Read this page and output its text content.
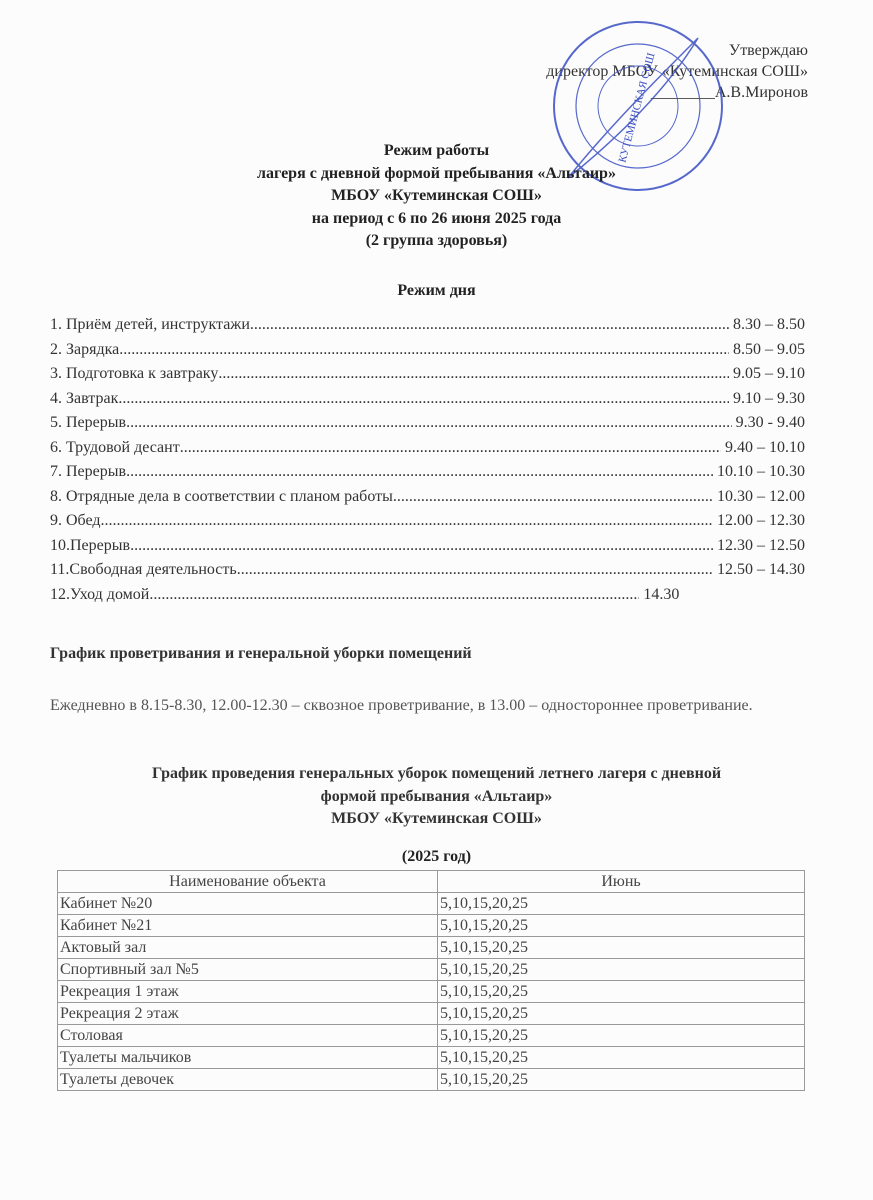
Утверждаю
директор МБОУ «Кутеминская СОШ»
________А.В.Миронов
КУТЕМИНСКАЯ СОШ
Режим работы
лагеря с дневной формой пребывания «Альтаир»
МБОУ «Кутеминская СОШ»
на период с 6 по 26 июня 2025 года
(2 группа здоровья)
Режим дня
1. Приём детей, инструктажи .....	8.30 – 8.50
2. Зарядка .....	8.50 – 9.05
3. Подготовка к завтраку .....	9.05 – 9.10
4. Завтрак .....	9.10 – 9.30
5. Перерыв .....	9.30 - 9.40
6. Трудовой десант .....	9.40 – 10.10
7. Перерыв .....	10.10 – 10.30
8. Отрядные дела в соответствии с планом работы .....	10.30 – 12.00
9. Обед .....	12.00 – 12.30
10.Перерыв .....	12.30 – 12.50
11.Свободная деятельность .....	12.50 – 14.30
12.Уход домой .....	14.30
График проветривания и генеральной уборки помещений
Ежедневно в 8.15-8.30, 12.00-12.30 – сквозное проветривание, в 13.00 – одностороннее проветривание.
График проведения генеральных уборок помещений летнего лагеря с дневной
формой пребывания «Альтаир»
МБОУ «Кутеминская СОШ»
(2025 год)
Наименование объекта	Июнь
Кабинет №20	5,10,15,20,25
Кабинет №21	5,10,15,20,25
Актовый зал	5,10,15,20,25
Спортивный зал №5	5,10,15,20,25
Рекреация 1 этаж	5,10,15,20,25
Рекреация 2 этаж	5,10,15,20,25
Столовая	5,10,15,20,25
Туалеты мальчиков	5,10,15,20,25
Туалеты девочек	5,10,15,20,25
